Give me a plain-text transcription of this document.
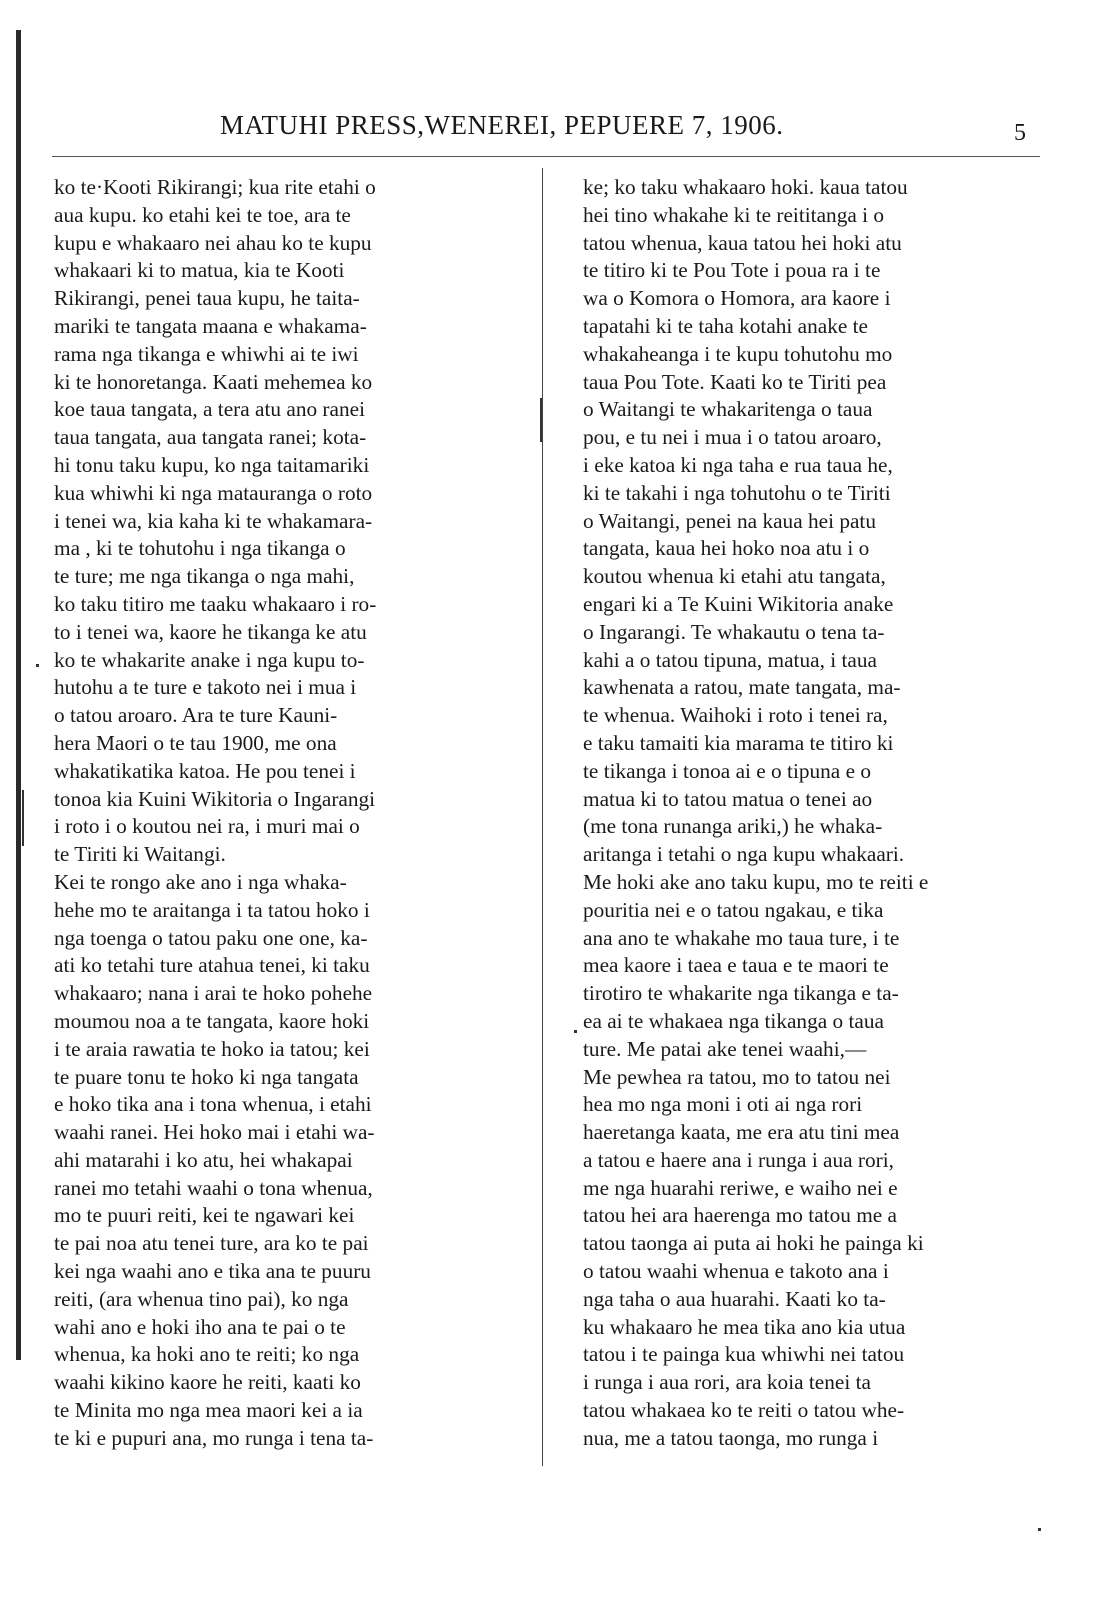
MATUHI PRESS,WENEREI, PEPUERE 7, 1906.	5
ko te·Kooti Rikirangi; kua rite etahi o
aua kupu. ko etahi kei te toe, ara te
kupu e whakaaro nei ahau ko te kupu
whakaari ki to matua, kia te Kooti
Rikirangi, penei taua kupu, he taita-
mariki te tangata maana e whakama-
rama nga tikanga e whiwhi ai te iwi
ki te honoretanga. Kaati mehemea ko
koe taua tangata, a tera atu ano ranei
taua tangata, aua tangata ranei; kota-
hi tonu taku kupu, ko nga taitamariki
kua whiwhi ki nga matauranga o roto
i tenei wa, kia kaha ki te whakamara-
ma , ki te tohutohu i nga tikanga o
te ture; me nga tikanga o nga mahi,
ko taku titiro me taaku whakaaro i ro-
to i tenei wa, kaore he tikanga ke atu
ko te whakarite anake i nga kupu to-
hutohu a te ture e takoto nei i mua i
o tatou aroaro. Ara te ture Kauni-
hera Maori o te tau 1900, me ona
whakatikatika katoa. He pou tenei i
tonoa kia Kuini Wikitoria o Ingarangi
i roto i o koutou nei ra, i muri mai o
te Tiriti ki Waitangi.
Kei te rongo ake ano i nga whaka-
hehe mo te araitanga i ta tatou hoko i
nga toenga o tatou paku one one, ka-
ati ko tetahi ture atahua tenei, ki taku
whakaaro; nana i arai te hoko pohehe
moumou noa a te tangata, kaore hoki
i te araia rawatia te hoko ia tatou; kei
te puare tonu te hoko ki nga tangata
e hoko tika ana i tona whenua, i etahi
waahi ranei. Hei hoko mai i etahi wa-
ahi matarahi i ko atu, hei whakapai
ranei mo tetahi waahi o tona whenua,
mo te puuri reiti, kei te ngawari kei
te pai noa atu tenei ture, ara ko te pai
kei nga waahi ano e tika ana te puuru
reiti, (ara whenua tino pai), ko nga
wahi ano e hoki iho ana te pai o te
whenua, ka hoki ano te reiti; ko nga
waahi kikino kaore he reiti, kaati ko
te Minita mo nga mea maori kei a ia
te ki e pupuri ana, mo runga i tena ta-
ke; ko taku whakaaro hoki. kaua tatou
hei tino whakahe ki te reititanga i o
tatou whenua, kaua tatou hei hoki atu
te titiro ki te Pou Tote i poua ra i te
wa o Komora o Homora, ara kaore i
tapatahi ki te taha kotahi anake te
whakaheanga i te kupu tohutohu mo
taua Pou Tote. Kaati ko te Tiriti pea
o Waitangi te whakaritenga o taua
pou, e tu nei i mua i o tatou aroaro,
i eke katoa ki nga taha e rua taua he,
ki te takahi i nga tohutohu o te Tiriti
o Waitangi, penei na kaua hei patu
tangata, kaua hei hoko noa atu i o
koutou whenua ki etahi atu tangata,
engari ki a Te Kuini Wikitoria anake
o Ingarangi. Te whakautu o tena ta-
kahi a o tatou tipuna, matua, i taua
kawhenata a ratou, mate tangata, ma-
te whenua. Waihoki i roto i tenei ra,
e taku tamaiti kia marama te titiro ki
te tikanga i tonoa ai e o tipuna e o
matua ki to tatou matua o tenei ao
(me tona runanga ariki,) he whaka-
aritanga i tetahi o nga kupu whakaari.
Me hoki ake ano taku kupu, mo te reiti e
pouritia nei e o tatou ngakau, e tika
ana ano te whakahe mo taua ture, i te
mea kaore i taea e taua e te maori te
tirotiro te whakarite nga tikanga e ta-
ea ai te whakaea nga tikanga o taua
ture. Me patai ake tenei waahi,—
Me pewhea ra tatou, mo to tatou nei
hea mo nga moni i oti ai nga rori
haeretanga kaata, me era atu tini mea
a tatou e haere ana i runga i aua rori,
me nga huarahi reriwe, e waiho nei e
tatou hei ara haerenga mo tatou me a
tatou taonga ai puta ai hoki he painga ki
o tatou waahi whenua e takoto ana i
nga taha o aua huarahi. Kaati ko ta-
ku whakaaro he mea tika ano kia utua
tatou i te painga kua whiwhi nei tatou
i runga i aua rori, ara koia tenei ta
tatou whakaea ko te reiti o tatou whe-
nua, me a tatou taonga, mo runga i
